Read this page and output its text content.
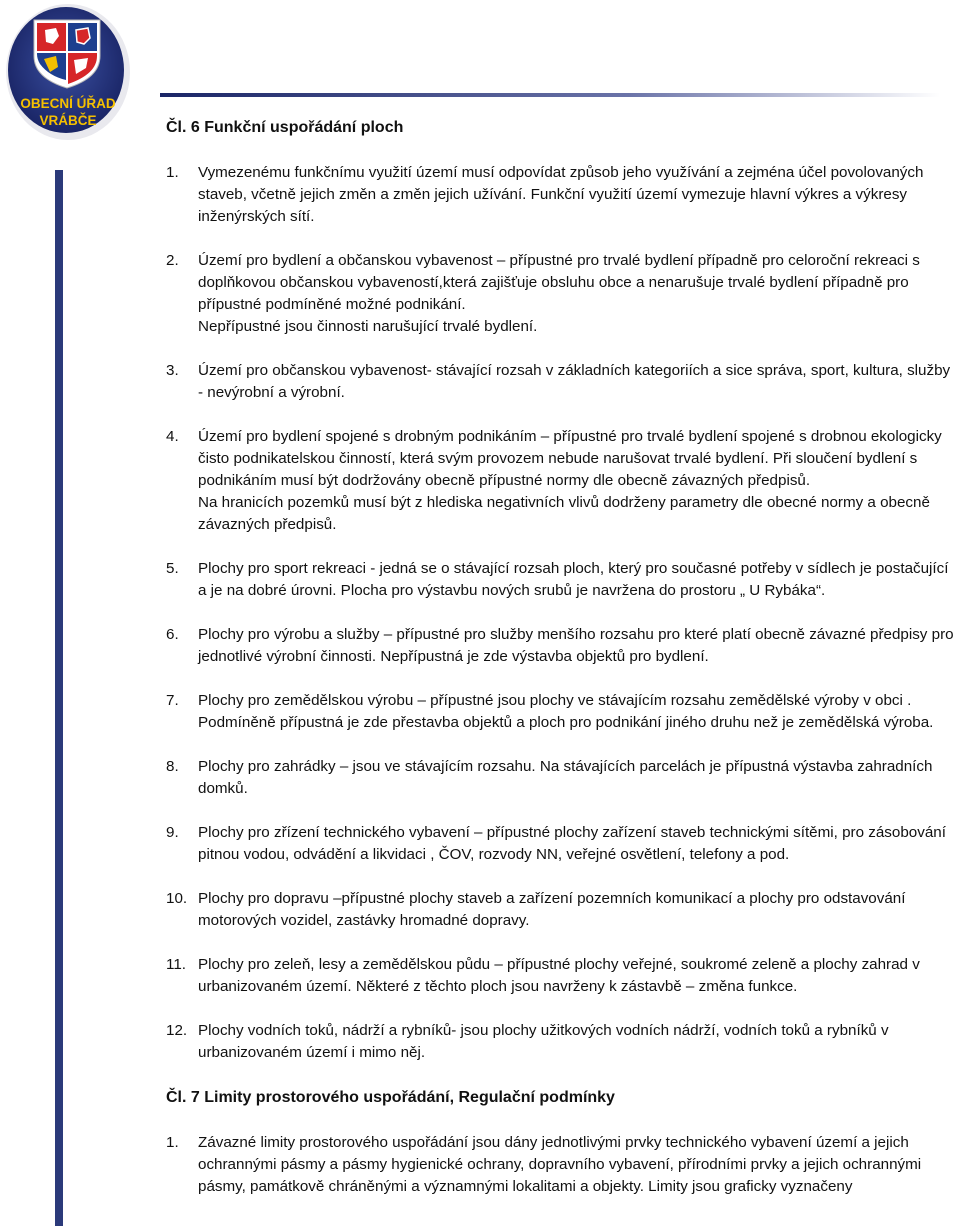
OBECNÍ ÚŘAD
VRÁBČE	Čl. 6 Funkční uspořádání ploch
1. Vymezenému funkčnímu využití území musí odpovídat způsob jeho využívání a zejména účel povolovaných staveb, včetně jejich změn a změn jejich užívání. Funkční využití území vymezuje hlavní výkres a výkresy inženýrských sítí.
2. Území pro bydlení a občanskou vybavenost – přípustné pro trvalé bydlení případně pro celoroční rekreaci s doplňkovou občanskou vybaveností,která zajišťuje obsluhu obce a nenarušuje trvalé bydlení případně pro přípustné podmíněné možné podnikání.
Nepřípustné jsou činnosti narušující trvalé bydlení.
3. Území pro občanskou vybavenost- stávající rozsah v základních kategoriích a sice správa, sport, kultura, služby - nevýrobní a výrobní.
4. Území pro bydlení spojené s drobným podnikáním – přípustné pro trvalé bydlení spojené s drobnou ekologicky čisto podnikatelskou činností, která svým provozem nebude narušovat trvalé bydlení. Při sloučení bydlení s podnikáním musí být dodržovány obecně přípustné normy dle obecně závazných předpisů.
Na hranicích pozemků musí být z hlediska negativních vlivů dodrženy parametry dle obecné normy a obecně závazných předpisů.
5. Plochy pro sport rekreaci - jedná se o stávající rozsah ploch, který pro současné potřeby v sídlech je postačující a je na dobré úrovni. Plocha pro výstavbu nových srubů je navržena do prostoru „ U Rybáka“.
6. Plochy pro výrobu a služby – přípustné pro služby menšího rozsahu pro které platí obecně závazné předpisy pro jednotlivé výrobní činnosti. Nepřípustná je zde výstavba objektů pro bydlení.
7. Plochy pro zemědělskou výrobu – přípustné jsou plochy ve stávajícím rozsahu zemědělské výroby v obci . Podmíněně přípustná je zde přestavba objektů a ploch pro podnikání jiného druhu než je zemědělská výroba.
8. Plochy pro zahrádky – jsou ve stávajícím rozsahu. Na stávajících parcelách je přípustná výstavba zahradních domků.
9. Plochy pro zřízení technického vybavení – přípustné plochy zařízení staveb technickými sítěmi, pro zásobování pitnou vodou, odvádění a likvidaci , ČOV, rozvody NN, veřejné osvětlení, telefony a pod.
10. Plochy pro dopravu –přípustné plochy staveb a zařízení pozemních komunikací a plochy pro odstavování motorových vozidel, zastávky hromadné dopravy.
11. Plochy pro zeleň, lesy a zemědělskou půdu – přípustné plochy veřejné, soukromé zeleně a plochy zahrad v urbanizovaném území. Některé z těchto ploch jsou navrženy k zástavbě – změna funkce.
12. Plochy vodních toků, nádrží a rybníků- jsou plochy užitkových vodních nádrží, vodních toků a rybníků v urbanizovaném území i mimo něj.
Čl. 7 Limity prostorového uspořádání, Regulační podmínky
1. Závazné limity prostorového uspořádání jsou dány jednotlivými prvky technického vybavení území a jejich ochrannými pásmy a pásmy hygienické ochrany, dopravního vybavení, přírodními prvky a jejich ochrannými pásmy, památkově chráněnými a významnými lokalitami a objekty. Limity jsou graficky vyznačeny
